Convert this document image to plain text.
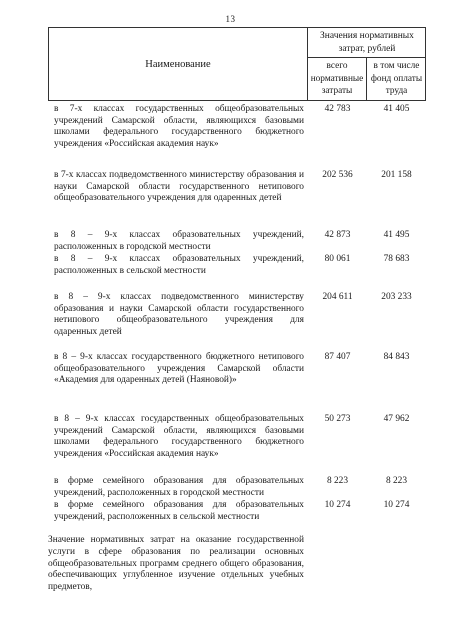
13
Наименование
Значения нормативных затрат, рублей
всего нормативные затраты
в том числе фонд оплаты труда
в 7-х классах государственных общеобразовательных учреждений Самарской области, являющихся базовыми школами федерального государственного бюджетного учреждения «Российская академия наук»
42 783	41 405
в 7-х классах подведомственного министерству образования и науки Самарской области государственного нетипового общеобразовательного учреждения для одаренных детей
202 536	201 158
в 8 – 9-х классах образовательных учреждений, расположенных в городской местности
42 873	41 495
в 8 – 9-х классах образовательных учреждений, расположенных в сельской местности
80 061	78 683
в 8 – 9-х классах подведомственного министерству образования и науки Самарской области государственного нетипового общеобразовательного учреждения для одаренных детей
204 611	203 233
в 8 – 9-х классах государственного бюджетного нетипового общеобразовательного учреждения Самарской области «Академия для одаренных детей (Наяновой)»
87 407	84 843
в 8 – 9-х классах государственных общеобразовательных учреждений Самарской области, являющихся базовыми школами федерального государственного бюджетного учреждения «Российская академия наук»
50 273	47 962
в форме семейного образования для образовательных учреждений, расположенных в городской местности
8 223	8 223
в форме семейного образования для образовательных учреждений, расположенных в сельской местности
10 274	10 274
Значение нормативных затрат на оказание государственной услуги в сфере образования по реализации основных общеобразовательных программ среднего общего образования, обеспечивающих углубленное изучение отдельных учебных предметов,
